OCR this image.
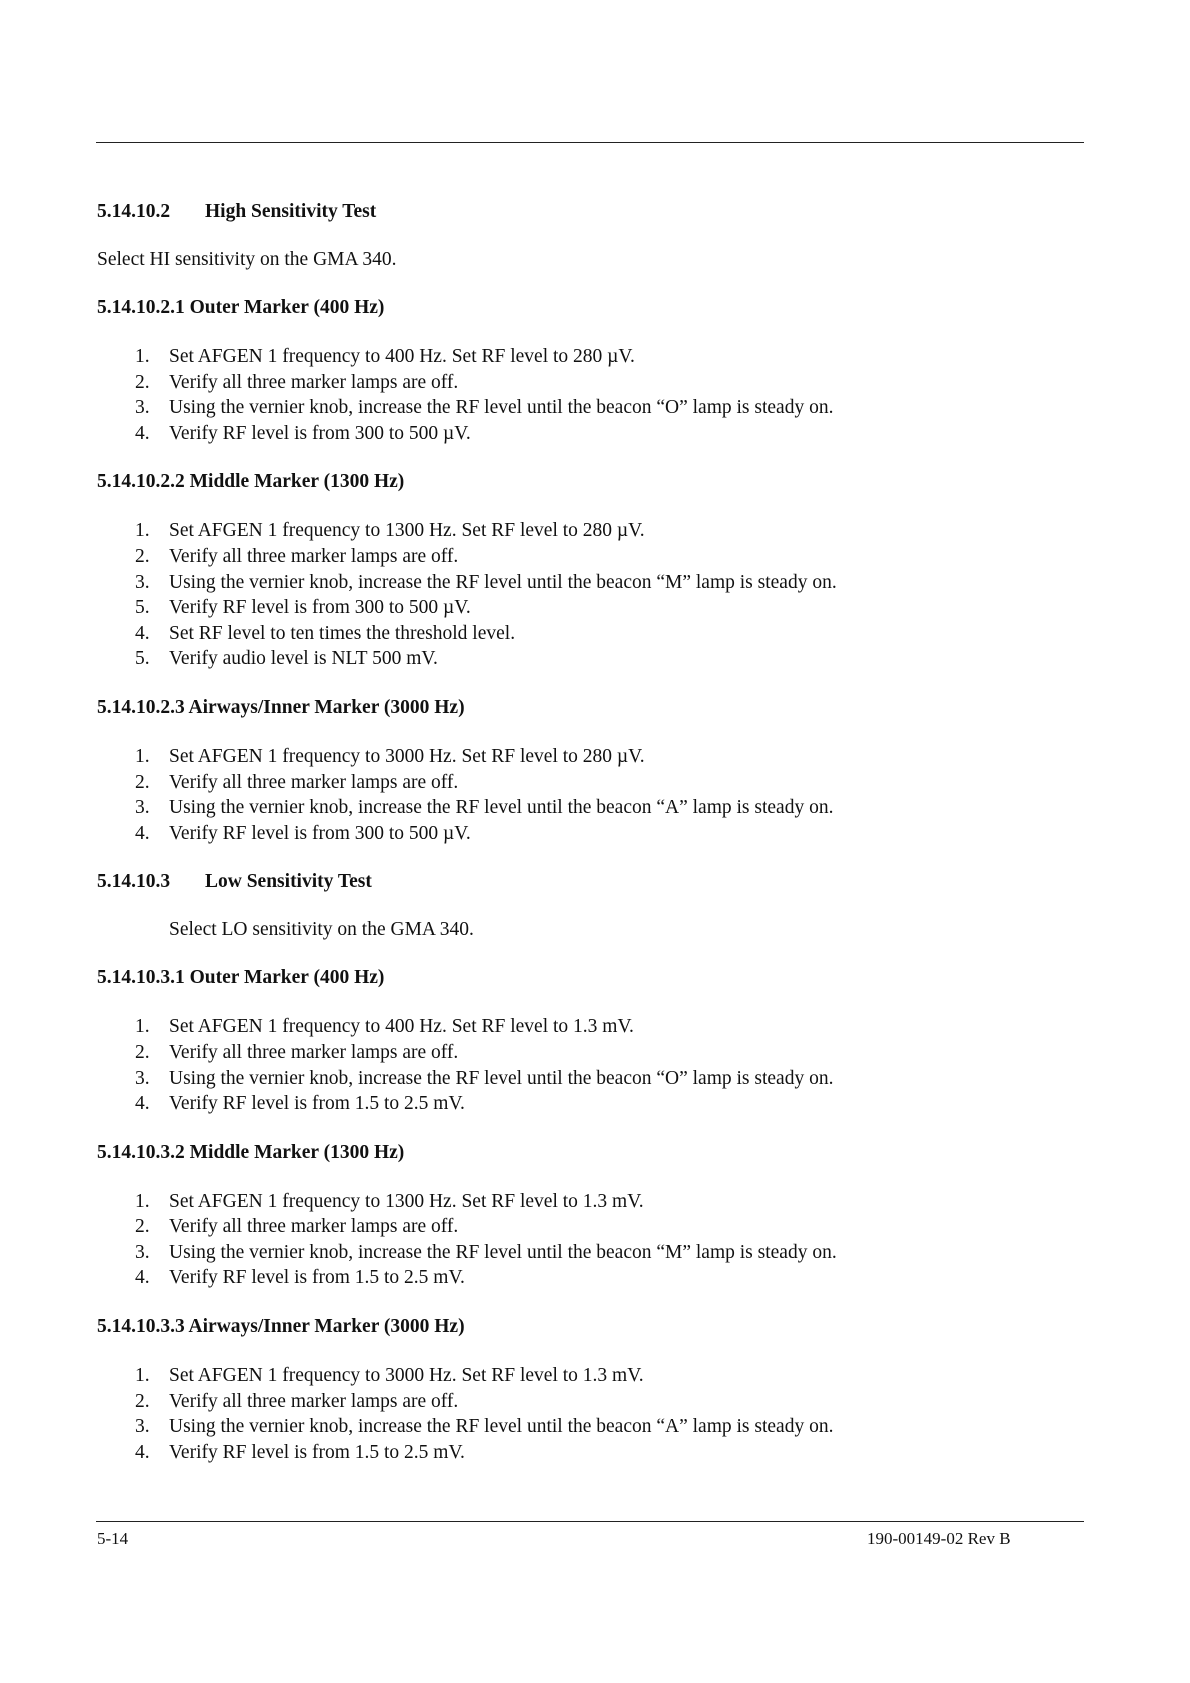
5.14.10.2 High Sensitivity Test
Select HI sensitivity on the GMA 340.
5.14.10.2.1 Outer Marker (400 Hz)
1. Set AFGEN 1 frequency to 400 Hz. Set RF level to 280 µV.
2. Verify all three marker lamps are off.
3. Using the vernier knob, increase the RF level until the beacon “O” lamp is steady on.
4. Verify RF level is from 300 to 500 µV.
5.14.10.2.2 Middle Marker (1300 Hz)
1. Set AFGEN 1 frequency to 1300 Hz. Set RF level to 280 µV.
2. Verify all three marker lamps are off.
3. Using the vernier knob, increase the RF level until the beacon “M” lamp is steady on.
5. Verify RF level is from 300 to 500 µV.
4. Set RF level to ten times the threshold level.
5. Verify audio level is NLT 500 mV.
5.14.10.2.3 Airways/Inner Marker (3000 Hz)
1. Set AFGEN 1 frequency to 3000 Hz. Set RF level to 280 µV.
2. Verify all three marker lamps are off.
3. Using the vernier knob, increase the RF level until the beacon “A” lamp is steady on.
4. Verify RF level is from 300 to 500 µV.
5.14.10.3 Low Sensitivity Test
Select LO sensitivity on the GMA 340.
5.14.10.3.1 Outer Marker (400 Hz)
1. Set AFGEN 1 frequency to 400 Hz. Set RF level to 1.3 mV.
2. Verify all three marker lamps are off.
3. Using the vernier knob, increase the RF level until the beacon “O” lamp is steady on.
4. Verify RF level is from 1.5 to 2.5 mV.
5.14.10.3.2 Middle Marker (1300 Hz)
1. Set AFGEN 1 frequency to 1300 Hz. Set RF level to 1.3 mV.
2. Verify all three marker lamps are off.
3. Using the vernier knob, increase the RF level until the beacon “M” lamp is steady on.
4. Verify RF level is from 1.5 to 2.5 mV.
5.14.10.3.3 Airways/Inner Marker (3000 Hz)
1. Set AFGEN 1 frequency to 3000 Hz. Set RF level to 1.3 mV.
2. Verify all three marker lamps are off.
3. Using the vernier knob, increase the RF level until the beacon “A” lamp is steady on.
4. Verify RF level is from 1.5 to 2.5 mV.
5-14	190-00149-02 Rev B
